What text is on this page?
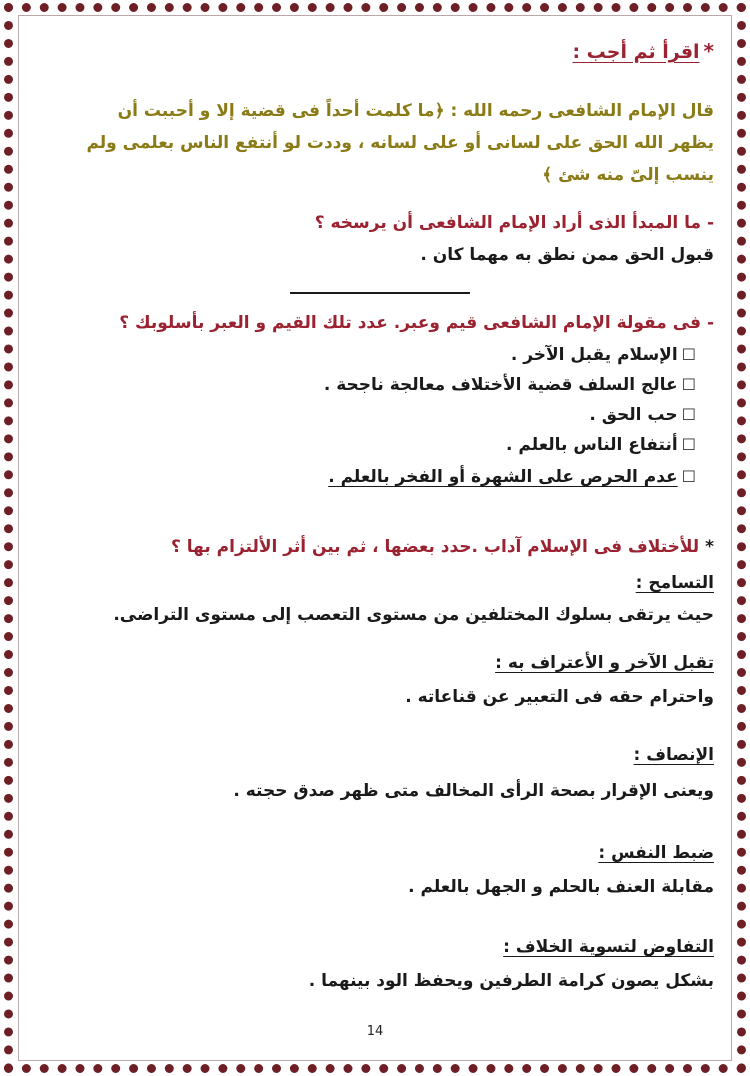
*اقرأ ثم أجب :
قال الإمام الشافعى رحمه الله : ﴿ما كلمت أحداً فى قضية إلا و أحببت أن
يظهر الله الحق على لسانى أو على لسانه ، وددت لو أنتفع الناس بعلمى ولم
ينسب إلىّ منه شئ ﴾
- ما المبدأ الذى أراد الإمام الشافعى أن يرسخه ؟
قبول الحق ممن نطق به مهما كان .
- فى مقولة الإمام الشافعى قيم وعبر. عدد تلك القيم و العبر بأسلوبك ؟
☐الإسلام يقبل الآخر .
☐عالج السلف قضية الأختلاف معالجة ناجحة .
☐حب الحق .
☐أنتفاع الناس بالعلم .
☐عدم الحرص على الشهرة أو الفخر بالعلم .
* للأختلاف فى الإسلام آداب .حدد بعضها ، ثم بين أثر الألتزام بها ؟
التسامح :
حيث يرتقى بسلوك المختلفين من مستوى التعصب إلى مستوى التراضى.
تقبل الآخر و الأعتراف به :
واحترام حقه فى التعبير عن قناعاته .
الإنصاف :
ويعنى الإقرار بصحة الرأى المخالف متى ظهر صدق حجته .
ضبط النفس :
مقابلة العنف بالحلم و الجهل بالعلم .
التفاوض لتسوية الخلاف :
بشكل يصون كرامة الطرفين ويحفظ الود بينهما .
14
